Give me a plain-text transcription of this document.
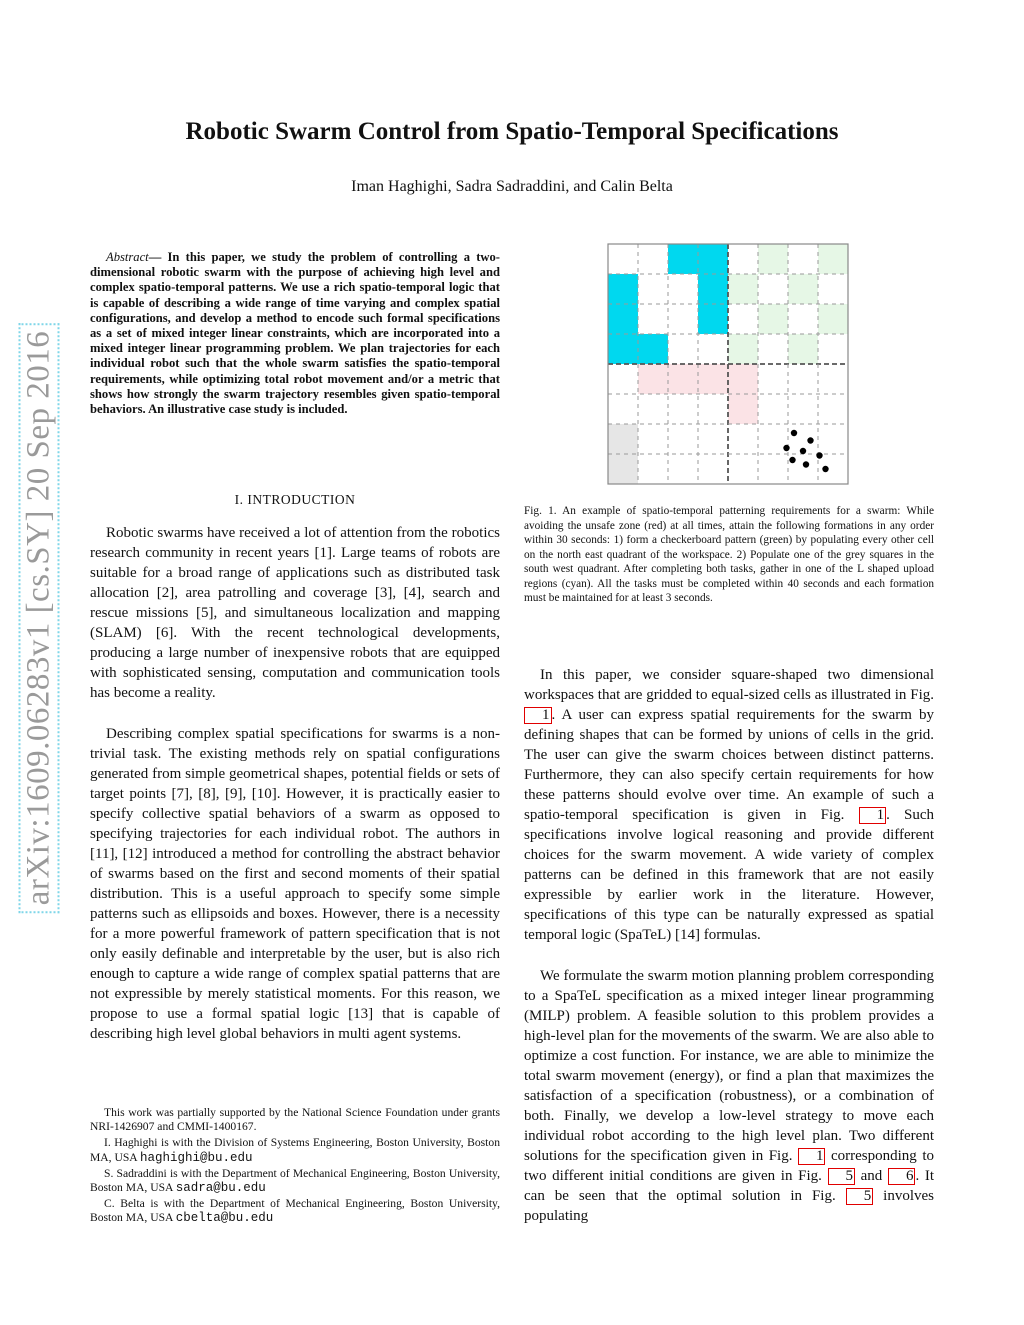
Robotic Swarm Control from Spatio-Temporal Specifications
Iman Haghighi, Sadra Sadraddini, and Calin Belta
arXiv:1609.06283v1 [cs.SY] 20 Sep 2016
Abstract— In this paper, we study the problem of controlling a two-dimensional robotic swarm with the purpose of achieving high level and complex spatio-temporal patterns. We use a rich spatio-temporal logic that is capable of describing a wide range of time varying and complex spatial configurations, and develop a method to encode such formal specifications as a set of mixed integer linear constraints, which are incorporated into a mixed integer linear programming problem. We plan trajectories for each individual robot such that the whole swarm satisfies the spatio-temporal requirements, while optimizing total robot movement and/or a metric that shows how strongly the swarm trajectory resembles given spatio-temporal behaviors. An illustrative case study is included.
I. INTRODUCTION

Robotic swarms have received a lot of attention from the robotics research community in recent years [1]. Large teams of robots are suitable for a broad range of applications such as distributed task allocation [2], area patrolling and coverage [3], [4], search and rescue missions [5], and simultaneous localization and mapping (SLAM) [6]. With the recent technological developments, producing a large number of inexpensive robots that are equipped with sophisticated sensing, computation and communication tools has become a reality.

Describing complex spatial specifications for swarms is a non-trivial task. The existing methods rely on spatial configurations generated from simple geometrical shapes, potential fields or sets of target points [7], [8], [9], [10]. However, it is practically easier to specify collective spatial behaviors of a swarm as opposed to specifying trajectories for each individual robot. The authors in [11], [12] introduced a method for controlling the abstract behavior of swarms based on the first and second moments of their spatial distribution. This is a useful approach to specify some simple patterns such as ellipsoids and boxes. However, there is a necessity for a more powerful framework of pattern specification that is not only easily definable and interpretable by the user, but is also rich enough to capture a wide range of complex spatial patterns that are not expressible by merely statistical moments. For this reason, we propose to use a formal spatial logic [13] that is capable of describing high level global behaviors in multi agent systems.

This work was partially supported by the National Science Foundation under grants NRI-1426907 and CMMI-1400167.

I. Haghighi is with the Division of Systems Engineering, Boston University, Boston MA, USA haghighi@bu.edu

S. Sadraddini is with the Department of Mechanical Engineering, Boston University, Boston MA, USA sadra@bu.edu

C. Belta is with the Department of Mechanical Engineering, Boston University, Boston MA, USA cbelta@bu.edu

Fig. 1. An example of spatio-temporal patterning requirements for a swarm: While avoiding the unsafe zone (red) at all times, attain the following formations in any order within 30 seconds: 1) form a checkerboard pattern (green) by populating every other cell on the north east quadrant of the workspace. 2) Populate one of the grey squares in the south west quadrant. After completing both tasks, gather in one of the L shaped upload regions (cyan). All the tasks must be completed within 40 seconds and each formation must be maintained for at least 3 seconds.

In this paper, we consider square-shaped two dimensional workspaces that are gridded to equal-sized cells as illustrated in Fig. 1 . A user can express spatial requirements for the swarm by defining shapes that can be formed by unions of cells in the grid. The user can give the swarm choices between distinct patterns. Furthermore, they can also specify certain requirements for how these patterns should evolve over time. An example of such a spatio-temporal specification is given in Fig. 1 . Such specifications involve logical reasoning and provide different choices for the swarm movement. A wide variety of complex patterns can be defined in this framework that are not easily expressible by earlier work in the literature. However, specifications of this type can be naturally expressed as spatial temporal logic (SpaTeL) [14] formulas.

We formulate the swarm motion planning problem corresponding to a SpaTeL specification as a mixed integer linear programming (MILP) problem. A feasible solution to this problem provides a high-level plan for the movements of the swarm. We are also able to optimize a cost function. For instance, we are able to minimize the total swarm movement (energy), or find a plan that maximizes the satisfaction of a specification (robustness), or a combination of both. Finally, we develop a low-level strategy to move each individual robot according to the high level plan. Two different solutions for the specification given in Fig. 1 corresponding to two different initial conditions are given in Fig. 5 and 6 . It can be seen that the optimal solution in Fig. 5 involves populating
